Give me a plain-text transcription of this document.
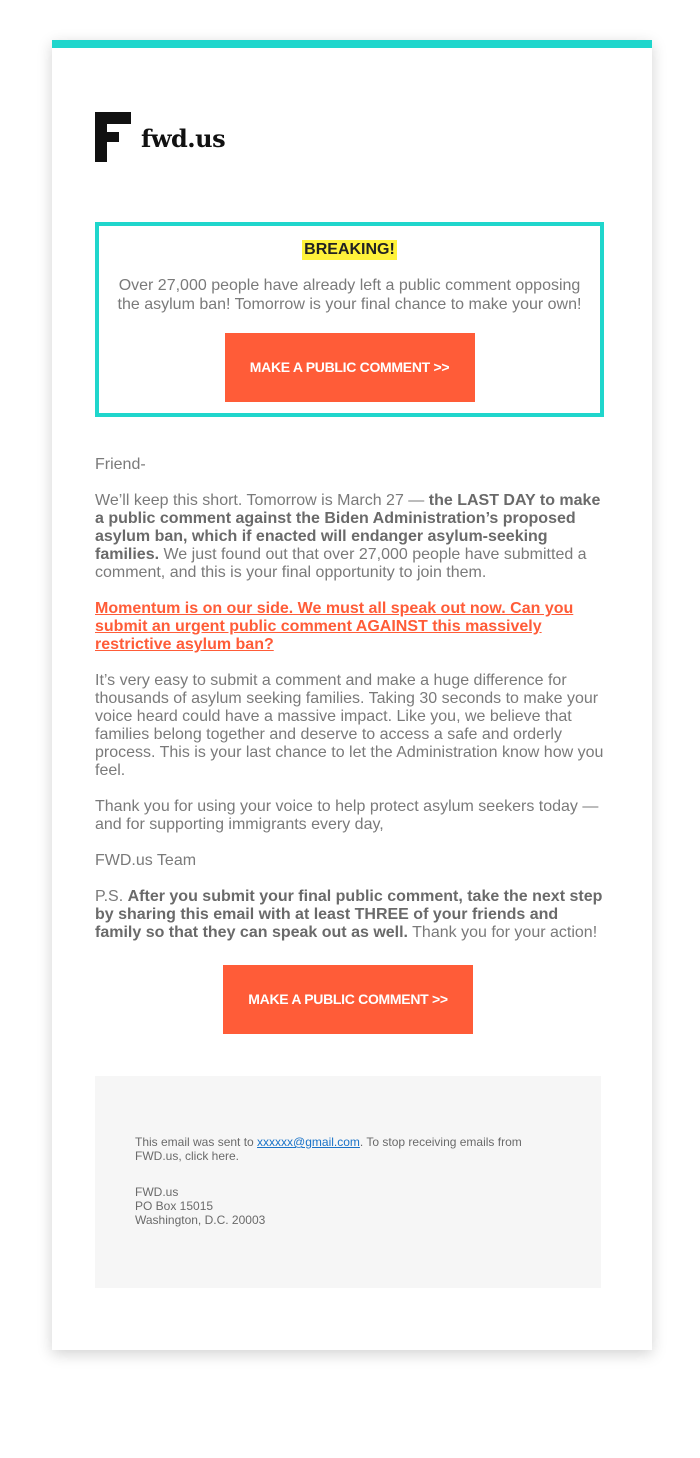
fwd.us
BREAKING!
Over 27,000 people have already left a public comment opposing the asylum ban! Tomorrow is your final chance to make your own!
MAKE A PUBLIC COMMENT >>

Friend-

We’ll keep this short. Tomorrow is March 27 — the LAST DAY to make a public comment against the Biden Administration’s proposed asylum ban, which if enacted will endanger asylum-seeking families. We just found out that over 27,000 people have submitted a comment, and this is your final opportunity to join them.

Momentum is on our side. We must all speak out now. Can you submit an urgent public comment AGAINST this massively restrictive asylum ban?

It’s very easy to submit a comment and make a huge difference for thousands of asylum seeking families. Taking 30 seconds to make your voice heard could have a massive impact. Like you, we believe that families belong together and deserve to access a safe and orderly process. This is your last chance to let the Administration know how you feel.

Thank you for using your voice to help protect asylum seekers today — and for supporting immigrants every day,

FWD.us Team

P.S. After you submit your final public comment, take the next step by sharing this email with at least THREE of your friends and family so that they can speak out as well. Thank you for your action!

MAKE A PUBLIC COMMENT >>
This email was sent to xxxxxx@gmail.com. To stop receiving emails from FWD.us, click here.
FWD.us
PO Box 15015
Washington, D.C. 20003
